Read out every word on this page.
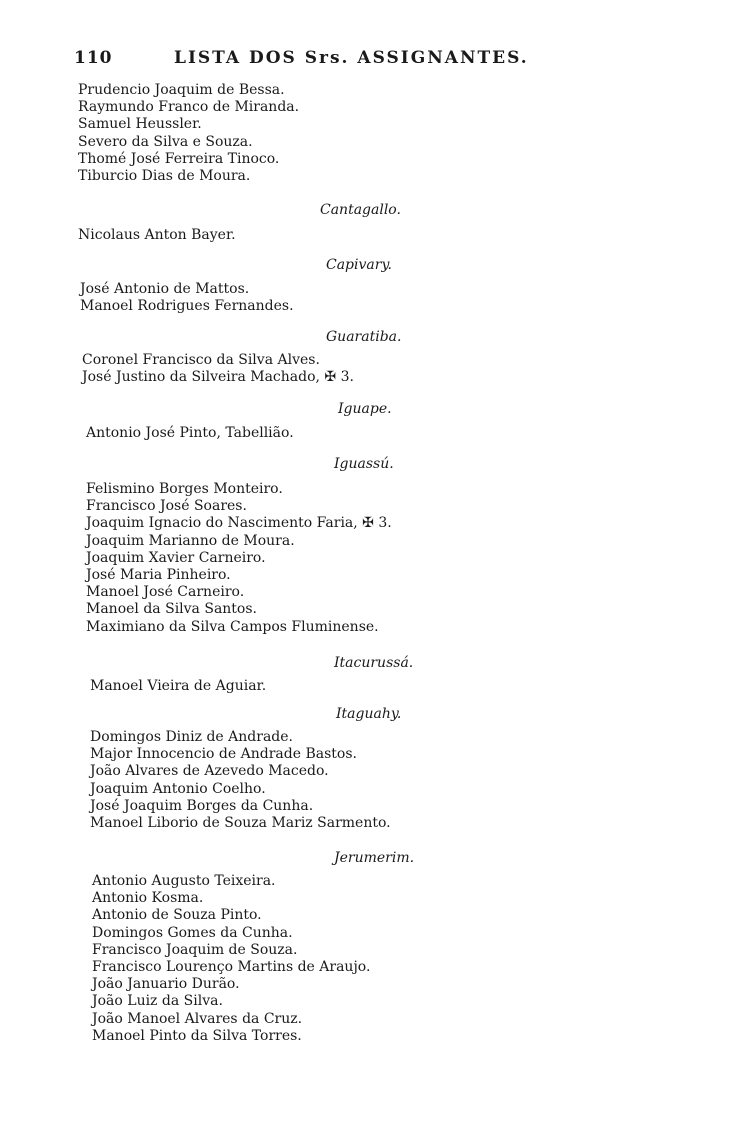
110	LISTA DOS Srs. ASSIGNANTES.
Prudencio Joaquim de Bessa.
Raymundo Franco de Miranda.
Samuel Heussler.
Severo da Silva e Souza.
Thomé José Ferreira Tinoco.
Tiburcio Dias de Moura.
Cantagallo.
Nicolaus Anton Bayer.
Capivary.
José Antonio de Mattos.
Manoel Rodrigues Fernandes.
Guaratiba.
Coronel Francisco da Silva Alves.
José Justino da Silveira Machado, ✠ 3.
Iguape.
Antonio José Pinto, Tabellião.
Iguassú.
Felismino Borges Monteiro.
Francisco José Soares.
Joaquim Ignacio do Nascimento Faria, ✠ 3.
Joaquim Marianno de Moura.
Joaquim Xavier Carneiro.
José Maria Pinheiro.
Manoel José Carneiro.
Manoel da Silva Santos.
Maximiano da Silva Campos Fluminense.
Itacurussá.
Manoel Vieira de Aguiar.
Itaguahy.
Domingos Diniz de Andrade.
Major Innocencio de Andrade Bastos.
João Alvares de Azevedo Macedo.
Joaquim Antonio Coelho.
José Joaquim Borges da Cunha.
Manoel Liborio de Souza Mariz Sarmento.
Jerumerim.
Antonio Augusto Teixeira.
Antonio Kosma.
Antonio de Souza Pinto.
Domingos Gomes da Cunha.
Francisco Joaquim de Souza.
Francisco Lourenço Martins de Araujo.
João Januario Durão.
João Luiz da Silva.
João Manoel Alvares da Cruz.
Manoel Pinto da Silva Torres.
